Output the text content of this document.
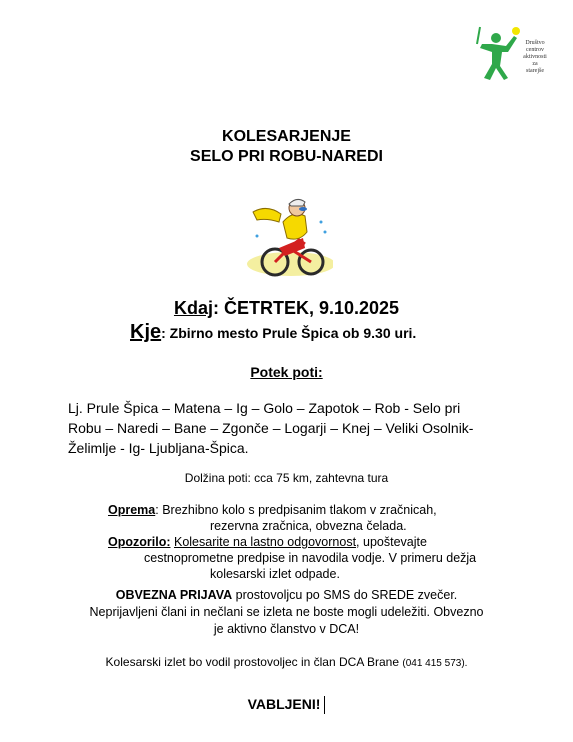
Društvo
centrov
aktivnosti
za
starejše
KOLESARJENJE
SELO PRI ROBU-NAREDI
Kdaj: ČETRTEK, 9.10.2025
Kje: Zbirno mesto Prule Špica ob 9.30 uri.
Potek poti:
Lj. Prule Špica – Matena – Ig – Golo – Zapotok – Rob - Selo pri
Robu – Naredi – Bane – Zgonče – Logarji – Knej – Veliki Osolnik-
Želimlje - Ig- Ljubljana-Špica.
Dolžina poti: cca 75 km, zahtevna tura
Oprema: Brezhibno kolo s predpisanim tlakom v zračnicah,
rezervna zračnica, obvezna čelada.
Opozorilo: Kolesarite na lastno odgovornost, upoštevajte
cestnoprometne predpise in navodila vodje. V primeru dežja
kolesarski izlet odpade.
OBVEZNA PRIJAVA prostovoljcu po SMS do SREDE zvečer.
Neprijavljeni člani in nečlani se izleta ne boste mogli udeležiti. Obvezno
je aktivno članstvo v DCA!
Kolesarski izlet bo vodil prostovoljec in član DCA Brane (041 415 573).
VABLJENI!
